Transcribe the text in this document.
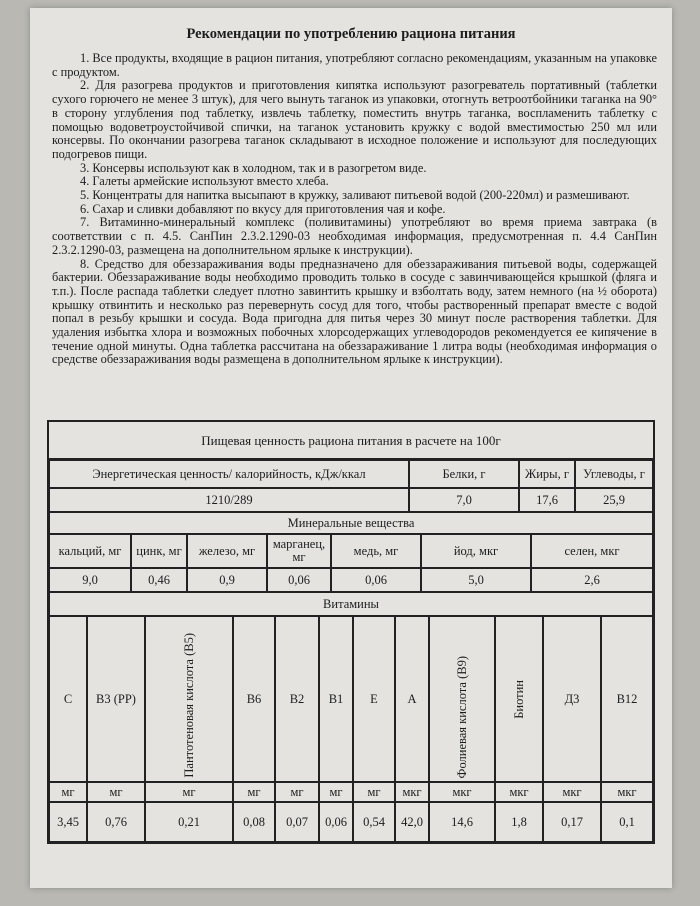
Рекомендации по употреблению рациона питания

1. Все продукты, входящие в рацион питания, употребляют согласно рекомендациям, указанным на упаковке с продуктом.

2. Для разогрева продуктов и приготовления кипятка используют разогреватель портативный (таблетки сухого горючего не менее 3 штук), для чего вынуть таганок из упаковки, отогнуть ветроотбойники таганка на 90° в сторону углубления под таблетку, извлечь таблетку, поместить внутрь таганка, воспламенить таблетку с помощью водоветроустойчивой спички, на таганок установить кружку с водой вместимостью 250 мл или консервы. По окончании разогрева таганок складывают в исходное положение и используют для последующих подогревов пищи.

3. Консервы используют как в холодном, так и в разогретом виде.

4. Галеты армейские используют вместо хлеба.

5. Концентраты для напитка высыпают в кружку, заливают питьевой водой (200-220мл) и размешивают.

6. Сахар и сливки добавляют по вкусу для приготовления чая и кофе.

7. Витаминно-минеральный комплекс (поливитамины) употребляют во время приема завтрака (в соответствии с п. 4.5. СанПин 2.3.2.1290-03 необходимая информация, предусмотренная п. 4.4 СанПин 2.3.2.1290-03, размещена на дополнительном ярлыке к инструкции).

8. Средство для обеззараживания воды предназначено для обеззараживания питьевой воды, содержащей бактерии. Обеззараживание воды необходимо проводить только в сосуде с завинчивающейся крышкой (фляга и т.п.). После распада таблетки следует плотно завинтить крышку и взболтать воду, затем немного (на ½ оборота) крышку отвинтить и несколько раз перевернуть сосуд для того, чтобы растворенный препарат вместе с водой попал в резьбу крышки и сосуда. Вода пригодна для питья через 30 минут после растворения таблетки. Для удаления избытка хлора и возможных побочных хлорсодержащих углеводородов рекомендуется ее кипячение в течение одной минуты. Одна таблетка рассчитана на обеззараживание 1 литра воды (необходимая информация о средстве обеззараживания воды размещена в дополнительном ярлыке к инструкции).

Пищевая ценность рациона питания в расчете на 100г
Энергетическая ценность/ калорийность, кДж/ккал	Белки, г	Жиры, г	Углеводы, г
1210/289	7,0	17,6	25,9
Минеральные вещества
кальций, мг	цинк, мг	железо, мг	марганец, мг	медь, мг	йод, мкг	селен, мкг
9,0	0,46	0,9	0,06	0,06	5,0	2,6
Витамины
C	B3 (PP)	Пантотеновая кислота (B5)	B6	B2	B1	E	A	Фолиевая кислота (B9)	Биотин	Д3	B12
мг	мг	мг	мг	мг	мг	мг	мкг	мкг	мкг	мкг	мкг
3,45	0,76	0,21	0,08	0,07	0,06	0,54	42,0	14,6	1,8	0,17	0,1
